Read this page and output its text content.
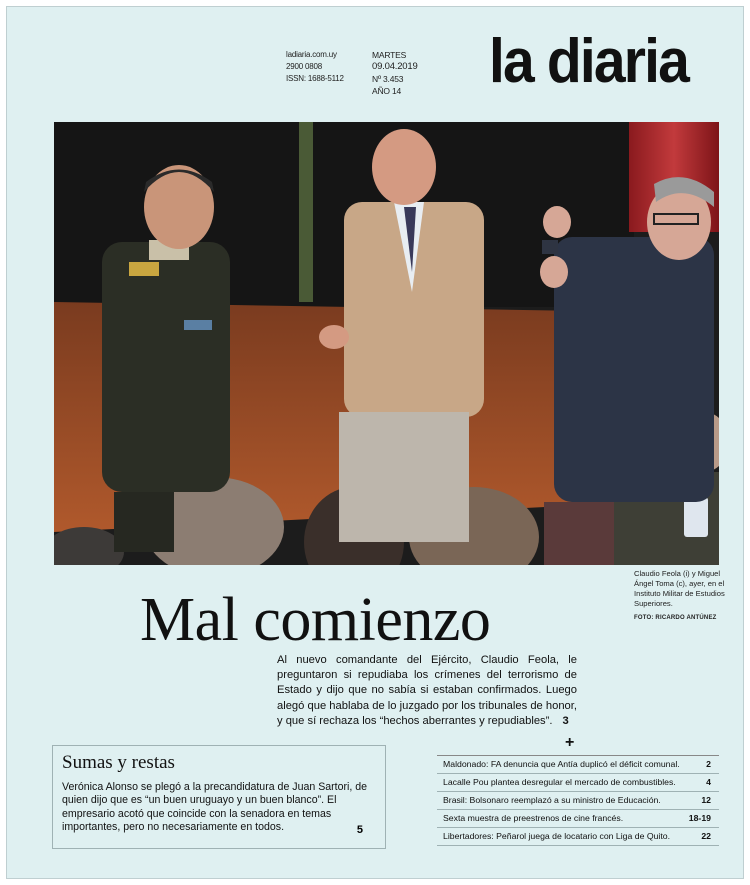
ladiaria.com.uy
2900 0808
ISSN: 1688-5112
MARTES
09.04.2019
Nº 3.453
AÑO 14 la diaria
Claudio Feola (i) y Miguel Ángel Toma (c), ayer, en el Instituto Militar de Estudios Superiores.
FOTO: RICARDO ANTÚNEZ
Mal comienzo
Al nuevo comandante del Ejército, Claudio Feola, le preguntaron si repudiaba los crímenes del terrorismo de Estado y dijo que no sabía si estaban confirmados. Luego alegó que hablaba de lo juzgado por los tribunales de honor, y que sí rechaza los “hechos aberrantes y repudiables”. 3
Sumas y restas

Verónica Alonso se plegó a la precandidatura de Juan Sartori, de quien dijo que es “un buen uruguayo y un buen blanco”. El empresario acotó que coincide con la senadora en temas importantes, pero no necesariamente en todos.	5
+
Maldonado: FA denuncia que Antía duplicó el déficit comunal.	2
Lacalle Pou plantea desregular el mercado de combustibles.	4
Brasil: Bolsonaro reemplazó a su ministro de Educación.	12
Sexta muestra de preestrenos de cine francés.	18-19
Libertadores: Peñarol juega de locatario con Liga de Quito.	22
